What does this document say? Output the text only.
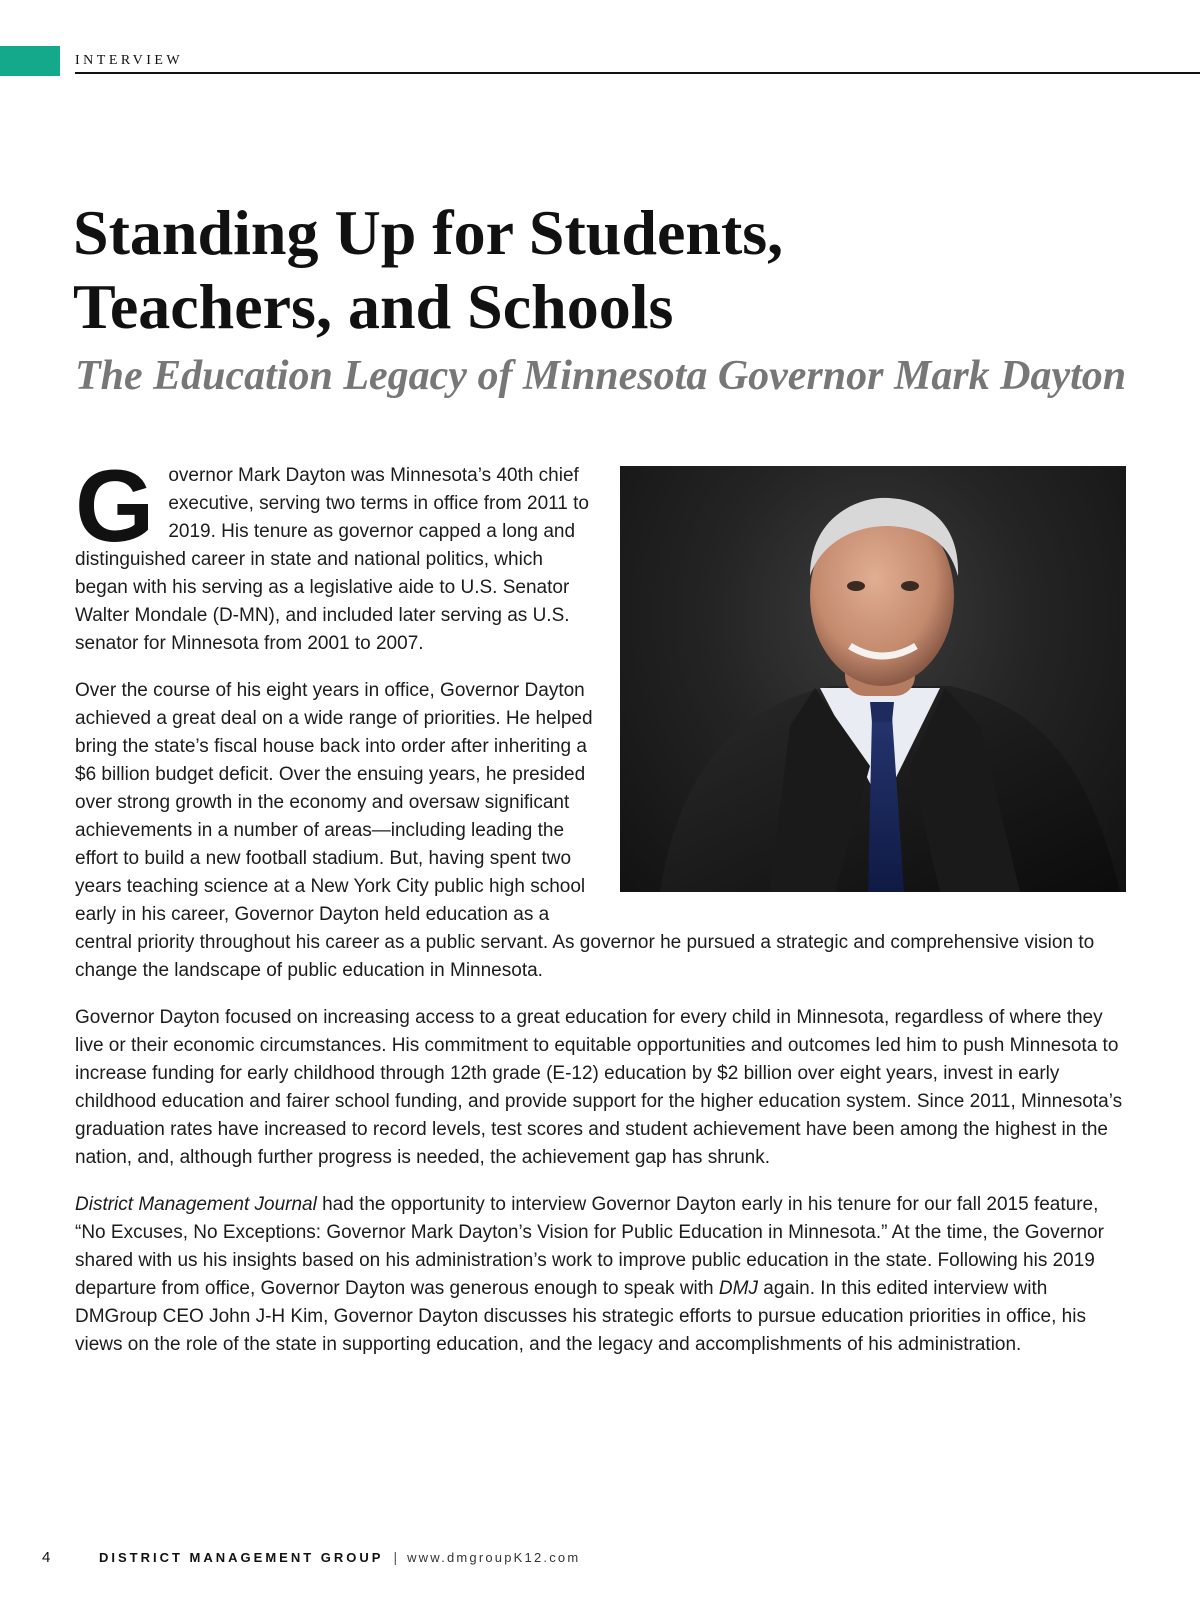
INTERVIEW
Standing Up for Students,
Teachers, and Schools
The Education Legacy of Minnesota Governor Mark Dayton

Governor Mark Dayton was Minnesota’s 40th chief executive, serving two terms in office from 2011 to 2019. His tenure as governor capped a long and distinguished career in state and national politics, which began with his serving as a legislative aide to U.S. Senator Walter Mondale (D-MN), and included later serving as U.S. senator for Minnesota from 2001 to 2007.

Over the course of his eight years in office, Governor Dayton achieved a great deal on a wide range of priorities. He helped bring the state’s fiscal house back into order after inheriting a $6 billion budget deficit. Over the ensuing years, he presided over strong growth in the economy and oversaw significant achievements in a number of areas—including leading the effort to build a new football stadium. But, having spent two years teaching science at a New York City public high school early in his career, Governor Dayton held education as a central priority throughout his career as a public servant. As governor he pursued a strategic and comprehensive vision to change the landscape of public education in Minnesota.

Governor Dayton focused on increasing access to a great education for every child in Minnesota, regardless of where they live or their economic circumstances. His commitment to equitable opportunities and outcomes led him to push Minnesota to increase funding for early childhood through 12th grade (E-12) education by $2 billion over eight years, invest in early childhood education and fairer school funding, and provide support for the higher education system. Since 2011, Minnesota’s graduation rates have increased to record levels, test scores and student achievement have been among the highest in the nation, and, although further progress is needed, the achievement gap has shrunk.

District Management Journal had the opportunity to interview Governor Dayton early in his tenure for our fall 2015 feature, “No Excuses, No Exceptions: Governor Mark Dayton’s Vision for Public Education in Minnesota.” At the time, the Governor shared with us his insights based on his administration’s work to improve public education in the state. Following his 2019 departure from office, Governor Dayton was generous enough to speak with DMJ again. In this edited interview with DMGroup CEO John J-H Kim, Governor Dayton discusses his strategic efforts to pursue education priorities in office, his views on the role of the state in supporting education, and the legacy and accomplishments of his administration.

4	DISTRICT MANAGEMENT GROUP | www.dmgroupK12.com
